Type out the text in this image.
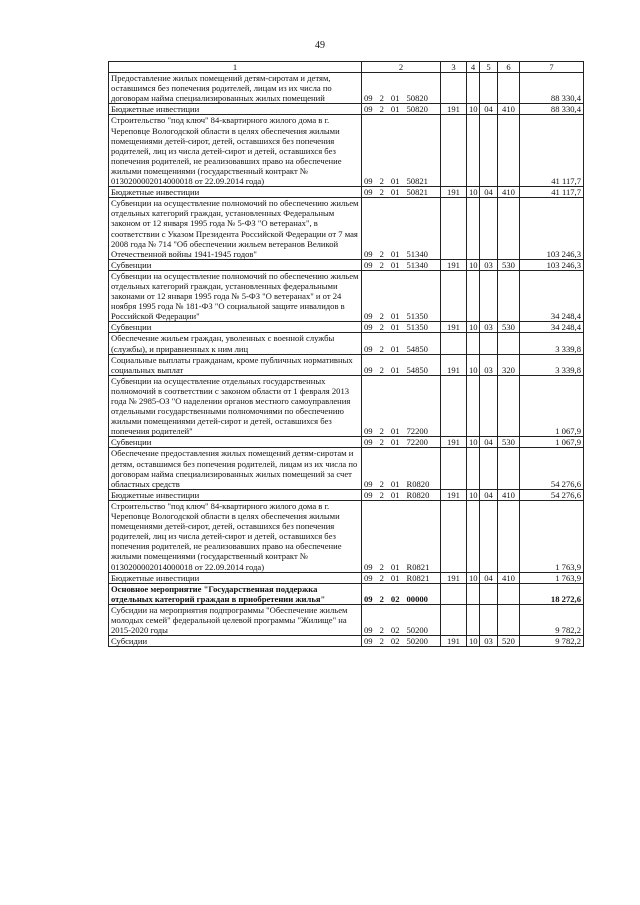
49
1	2	3	4	5	6	7
Предоставление жилых помещений детям-сиротам и детям, оставшимся без попечения родителей, лицам из их числа по договорам найма специализированных жилых помещений	09 2 01 50820					88 330,4
Бюджетные инвестиции	09 2 01 50820	191	10	04	410	88 330,4
Строительство "под ключ" 84-квартирного жилого дома в г. Череповце Вологодской области в целях обеспечения жилыми помещениями детей-сирот, детей, оставшихся без попечения родителей, лиц из числа детей-сирот и детей, оставшихся без попечения родителей, не реализовавших право на обеспечение жилыми помещениями (государственный контракт № 0130200002014000018 от 22.09.2014 года)	09 2 01 50821					41 117,7
Бюджетные инвестиции	09 2 01 50821	191	10	04	410	41 117,7
Субвенции на осуществление полномочий по обеспечению жильем отдельных категорий граждан, установленных Федеральным законом от 12 января 1995 года № 5-ФЗ "О ветеранах", в соответствии с Указом Президента Российской Федерации от 7 мая 2008 года № 714 "Об обеспечении жильем ветеранов Великой Отечественной войны 1941-1945 годов"	09 2 01 51340					103 246,3
Субвенции	09 2 01 51340	191	10	03	530	103 246,3
Субвенции на осуществление полномочий по обеспечению жильем отдельных категорий граждан, установленных федеральными законами от 12 января 1995 года № 5-ФЗ "О ветеранах" и от 24 ноября 1995 года № 181-ФЗ "О социальной защите инвалидов в Российской Федерации"	09 2 01 51350					34 248,4
Субвенции	09 2 01 51350	191	10	03	530	34 248,4
Обеспечение жильем граждан, уволенных с военной службы (службы), и приравненных к ним лиц	09 2 01 54850					3 339,8
Социальные выплаты гражданам, кроме публичных нормативных социальных выплат	09 2 01 54850	191	10	03	320	3 339,8
Субвенции на осуществление отдельных государственных полномочий в соответствии с законом области от 1 февраля 2013 года № 2985-ОЗ "О наделении органов местного самоуправления отдельными государственными полномочиями по обеспечению жилыми помещениями детей-сирот и детей, оставшихся без попечения родителей"	09 2 01 72200					1 067,9
Субвенции	09 2 01 72200	191	10	04	530	1 067,9
Обеспечение предоставления жилых помещений детям-сиротам и детям, оставшимся без попечения родителей, лицам из их числа по договорам найма специализированных жилых помещений за счет областных средств	09 2 01 R0820					54 276,6
Бюджетные инвестиции	09 2 01 R0820	191	10	04	410	54 276,6
Строительство "под ключ" 84-квартирного жилого дома в г. Череповце Вологодской области в целях обеспечения жилыми помещениями детей-сирот, детей, оставшихся без попечения родителей, лиц из числа детей-сирот и детей, оставшихся без попечения родителей, не реализовавших право на обеспечение жилыми помещениями (государственный контракт № 0130200002014000018 от 22.09.2014 года)	09 2 01 R0821					1 763,9
Бюджетные инвестиции	09 2 01 R0821	191	10	04	410	1 763,9
Основное мероприятие "Государственная поддержка отдельных категорий граждан в приобретении жилья"	09 2 02 00000					18 272,6
Субсидии на мероприятия подпрограммы "Обеспечение жильем молодых семей" федеральной целевой программы "Жилище" на 2015-2020 годы	09 2 02 50200					9 782,2
Субсидии	09 2 02 50200	191	10	03	520	9 782,2
